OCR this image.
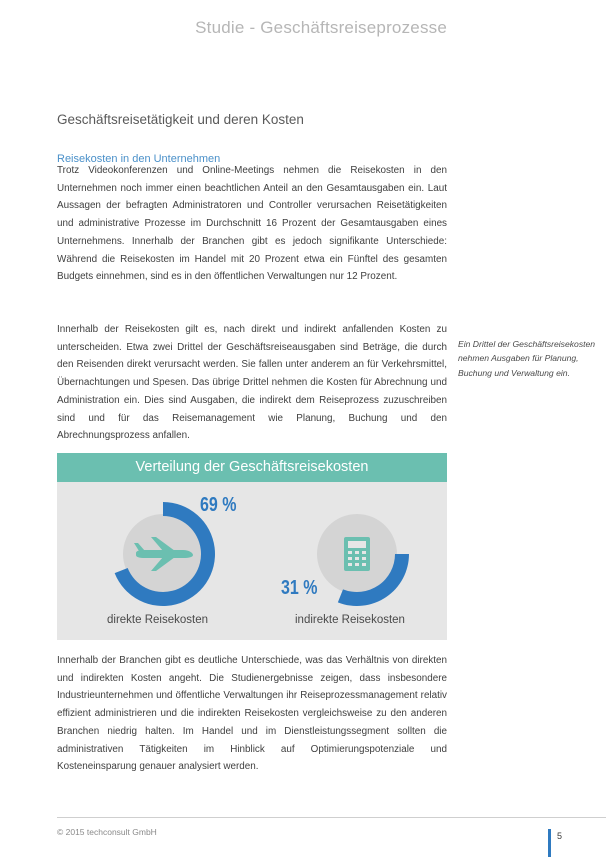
Studie - Geschäftsreiseprozesse
Geschäftsreisetätigkeit und deren Kosten
Reisekosten in den Unternehmen

Trotz Videokonferenzen und Online-Meetings nehmen die Reisekosten in den Unternehmen noch immer einen beachtlichen Anteil an den Gesamtausgaben ein. Laut Aussagen der befragten Administratoren und Controller verursachen Reisetätigkeiten und administrative Prozesse im Durchschnitt 16 Prozent der Gesamtausgaben eines Unternehmens. Innerhalb der Branchen gibt es jedoch signifikante Unterschiede: Während die Reisekosten im Handel mit 20 Prozent etwa ein Fünftel des gesamten Budgets einnehmen, sind es in den öffentlichen Verwaltungen nur 12 Prozent.

Innerhalb der Reisekosten gilt es, nach direkt und indirekt anfallenden Kosten zu unterscheiden. Etwa zwei Drittel der Geschäftsreiseausgaben sind Beträge, die durch den Reisenden direkt verursacht werden. Sie fallen unter anderem an für Verkehrsmittel, Übernachtungen und Spesen. Das übrige Drittel nehmen die Kosten für Abrechnung und Administration ein. Dies sind Ausgaben, die indirekt dem Reiseprozess zuzuschreiben sind und für das Reisemanagement wie Planung, Buchung und den Abrechnungsprozess anfallen.

Ein Drittel der Geschäftsreisekosten nehmen Ausgaben für Planung, Buchung und Verwaltung ein.
Verteilung der Geschäftsreisekosten
69 %
direkte Reisekosten
31 %
indirekte Reisekosten

Innerhalb der Branchen gibt es deutliche Unterschiede, was das Verhältnis von direkten und indirekten Kosten angeht. Die Studienergebnisse zeigen, dass insbesondere Industrieunternehmen und öffentliche Verwaltungen ihr Reiseprozessmanagement relativ effizient administrieren und die indirekten Reisekosten vergleichsweise zu den anderen Branchen niedrig halten. Im Handel und im Dienstleistungssegment sollten die administrativen Tätigkeiten im Hinblick auf Optimierungspotenziale und Kosteneinsparung genauer analysiert werden.

© 2015 techconsult GmbH	5
